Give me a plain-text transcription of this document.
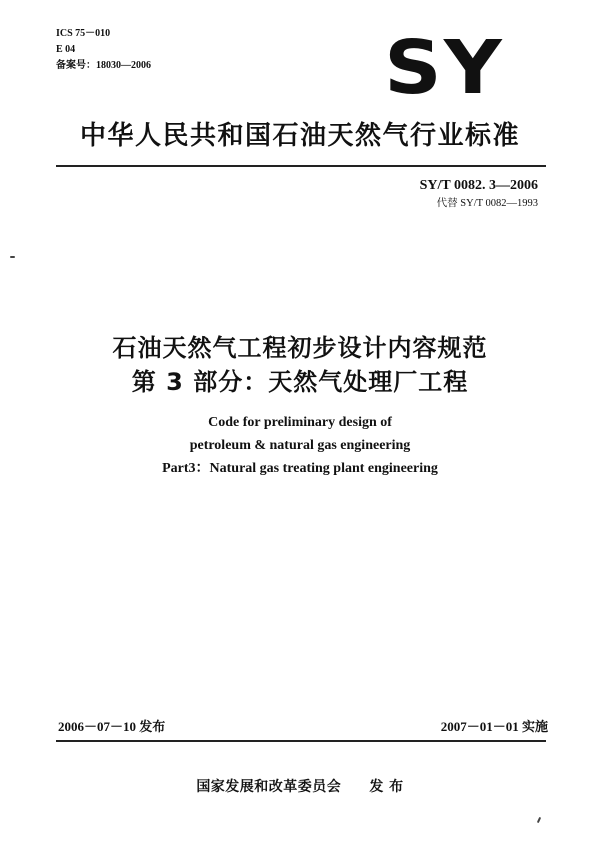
ICS 75－010
E 04
备案号：18030—2006	SY
中华人民共和国石油天然气行业标准
SY/T 0082. 3—2006
代替 SY/T 0082—1993
石油天然气工程初步设计内容规范
第 3 部分：天然气处理厂工程
Code for preliminary design of
petroleum & natural gas engineering
Part3：Natural gas treating plant engineering
2006－07－10 发布	2007－01－01 实施
国家发展和改革委员会 发 布
